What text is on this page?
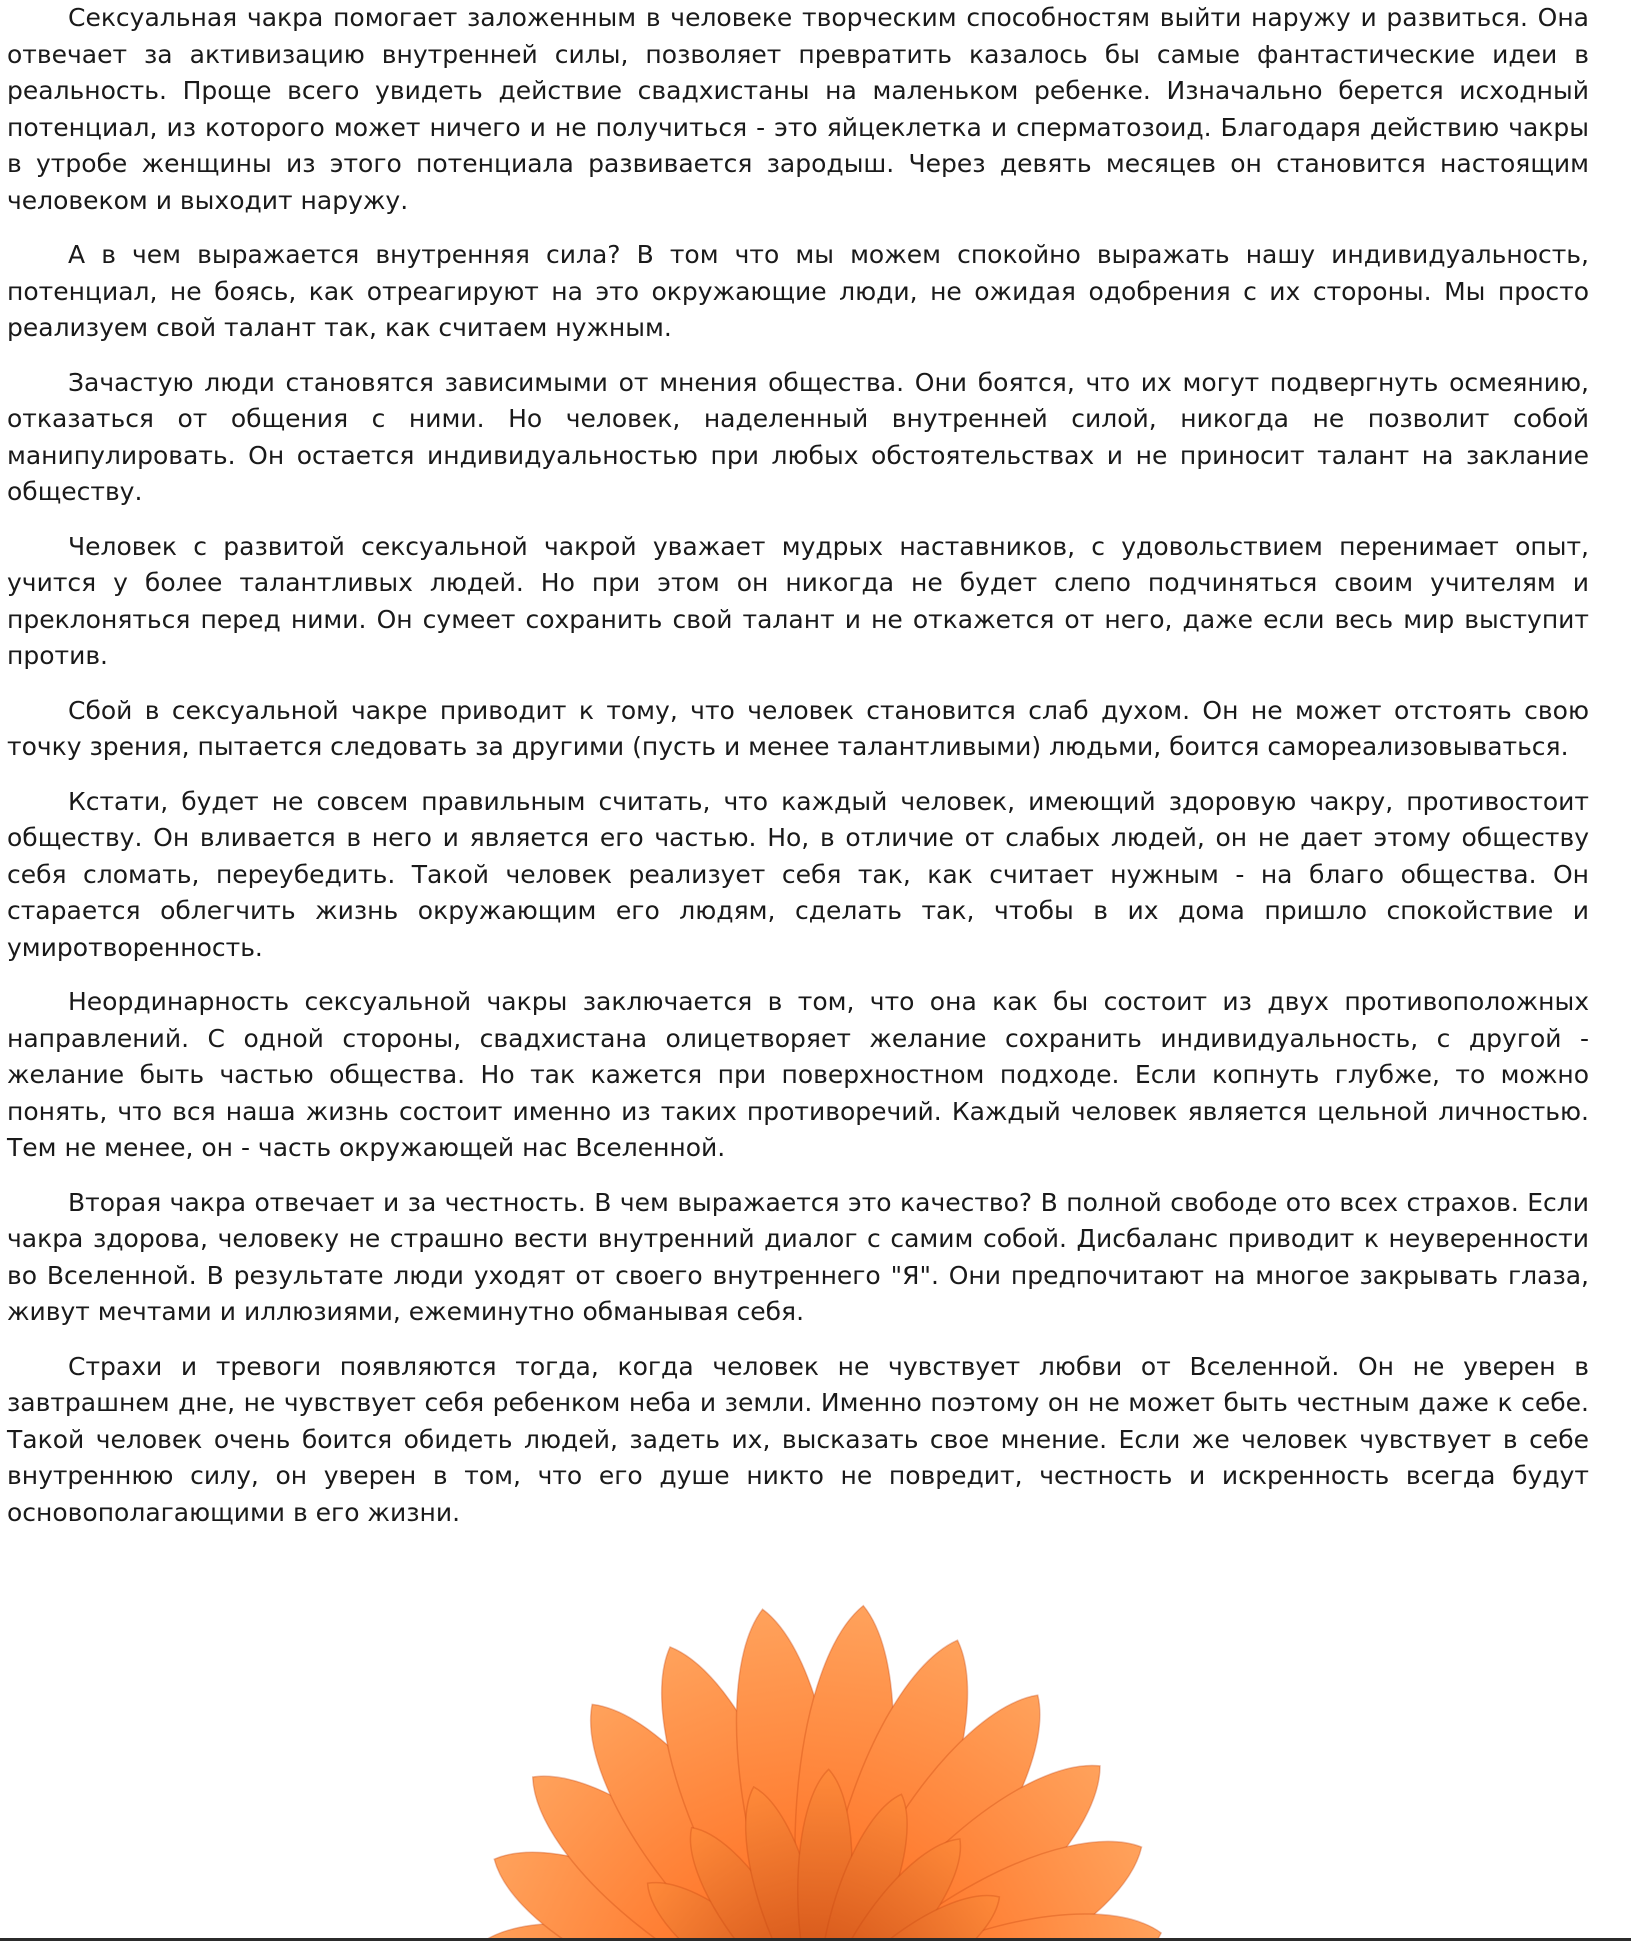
Сексуальная чакра помогает заложенным в человеке творческим способностям выйти наружу и развиться. Она отвечает за активизацию внутренней силы, позволяет превратить казалось бы самые фантастические идеи в реальность. Проще всего увидеть действие свадхистаны на маленьком ребенке. Изначально берется исходный потенциал, из которого может ничего и не получиться - это яйцеклетка и сперматозоид. Благодаря действию чакры в утробе женщины из этого потенциала развивается зародыш. Через девять месяцев он становится настоящим человеком и выходит наружу.

А в чем выражается внутренняя сила? В том что мы можем спокойно выражать нашу индивидуальность, потенциал, не боясь, как отреагируют на это окружающие люди, не ожидая одобрения с их стороны. Мы просто реализуем свой талант так, как считаем нужным.

Зачастую люди становятся зависимыми от мнения общества. Они боятся, что их могут подвергнуть осмеянию, отказаться от общения с ними. Но человек, наделенный внутренней силой, никогда не позволит собой манипулировать. Он остается индивидуальностью при любых обстоятельствах и не приносит талант на заклание обществу.

Человек с развитой сексуальной чакрой уважает мудрых наставников, с удовольствием перенимает опыт, учится у более талантливых людей. Но при этом он никогда не будет слепо подчиняться своим учителям и преклоняться перед ними. Он сумеет сохранить свой талант и не откажется от него, даже если весь мир выступит против.

Сбой в сексуальной чакре приводит к тому, что человек становится слаб духом. Он не может отстоять свою точку зрения, пытается следовать за другими (пусть и менее талантливыми) людьми, боится самореализовываться.

Кстати, будет не совсем правильным считать, что каждый человек, имеющий здоровую чакру, противостоит обществу. Он вливается в него и является его частью. Но, в отличие от слабых людей, он не дает этому обществу себя сломать, переубедить. Такой человек реализует себя так, как считает нужным - на благо общества. Он старается облегчить жизнь окружающим его людям, сделать так, чтобы в их дома пришло спокойствие и умиротворенность.

Неординарность сексуальной чакры заключается в том, что она как бы состоит из двух противоположных направлений. С одной стороны, свадхистана олицетворяет желание сохранить индивидуальность, с другой - желание быть частью общества. Но так кажется при поверхностном подходе. Если копнуть глубже, то можно понять, что вся наша жизнь состоит именно из таких противоречий. Каждый человек является цельной личностью. Тем не менее, он - часть окружающей нас Вселенной.

Вторая чакра отвечает и за честность. В чем выражается это качество? В полной свободе ото всех страхов. Если чакра здорова, человеку не страшно вести внутренний диалог с самим собой. Дисбаланс приводит к неуверенности во Вселенной. В результате люди уходят от своего внутреннего "Я". Они предпочитают на многое закрывать глаза, живут мечтами и иллюзиями, ежеминутно обманывая себя.

Страхи и тревоги появляются тогда, когда человек не чувствует любви от Вселенной. Он не уверен в завтрашнем дне, не чувствует себя ребенком неба и земли. Именно поэтому он не может быть честным даже к себе. Такой человек очень боится обидеть людей, задеть их, высказать свое мнение. Если же человек чувствует в себе внутреннюю силу, он уверен в том, что его душе никто не повредит, честность и искренность всегда будут основополагающими в его жизни.
